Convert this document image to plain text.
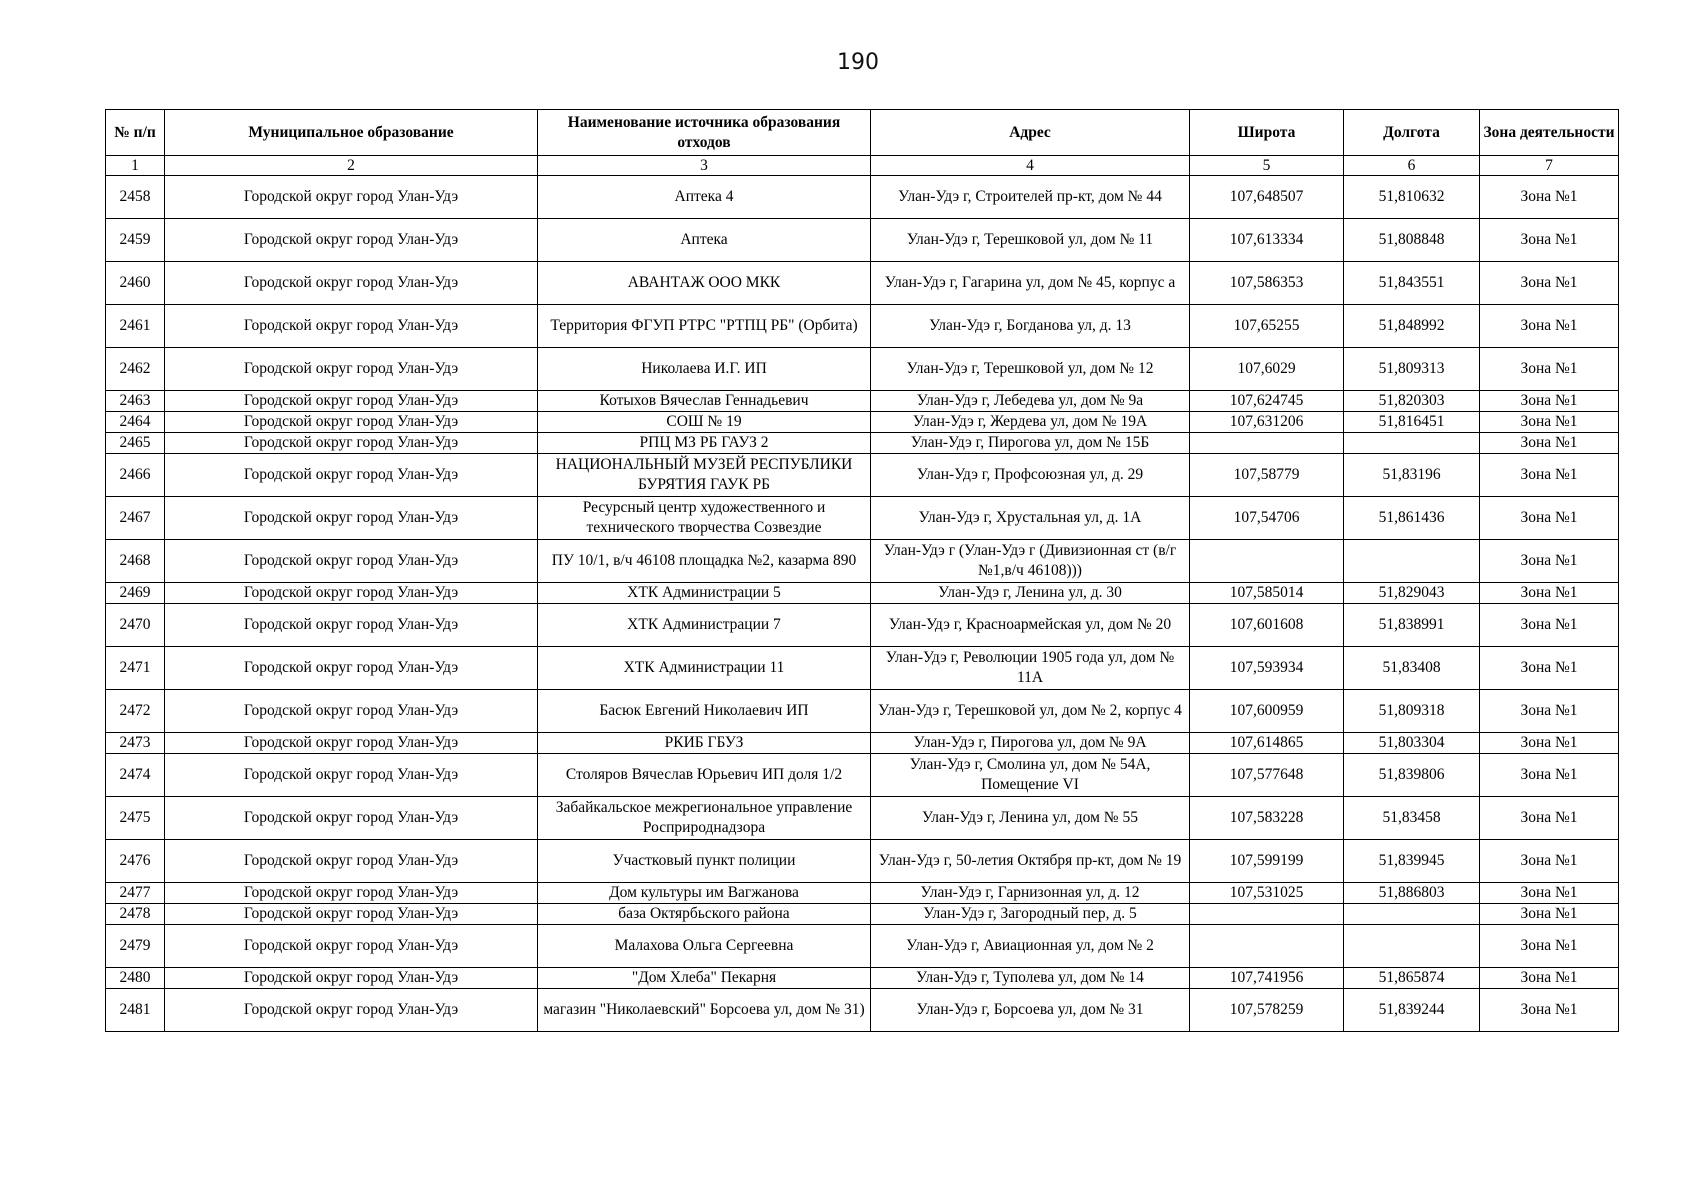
190
№ п/п	Муниципальное образование	Наименование источника образования отходов	Адрес	Широта	Долгота	Зона деятельности
1	2	3	4	5	6	7
2458	Городской округ город Улан-Удэ	Аптека 4	Улан-Удэ г, Строителей пр-кт, дом № 44	107,648507	51,810632	Зона №1
2459	Городской округ город Улан-Удэ	Аптека	Улан-Удэ г, Терешковой ул, дом № 11	107,613334	51,808848	Зона №1
2460	Городской округ город Улан-Удэ	АВАНТАЖ ООО МКК	Улан-Удэ г, Гагарина ул, дом № 45, корпус а	107,586353	51,843551	Зона №1
2461	Городской округ город Улан-Удэ	Территория ФГУП РТРС "РТПЦ РБ" (Орбита)	Улан-Удэ г, Богданова ул, д. 13	107,65255	51,848992	Зона №1
2462	Городской округ город Улан-Удэ	Николаева И.Г. ИП	Улан-Удэ г, Терешковой ул, дом № 12	107,6029	51,809313	Зона №1
2463	Городской округ город Улан-Удэ	Котыхов Вячеслав Геннадьевич	Улан-Удэ г, Лебедева ул, дом № 9а	107,624745	51,820303	Зона №1
2464	Городской округ город Улан-Удэ	СОШ № 19	Улан-Удэ г, Жердева ул, дом № 19А	107,631206	51,816451	Зона №1
2465	Городской округ город Улан-Удэ	РПЦ МЗ РБ ГАУЗ 2	Улан-Удэ г, Пирогова ул, дом № 15Б			Зона №1
2466	Городской округ город Улан-Удэ	НАЦИОНАЛЬНЫЙ МУЗЕЙ РЕСПУБЛИКИ БУРЯТИЯ ГАУК РБ	Улан-Удэ г, Профсоюзная ул, д. 29	107,58779	51,83196	Зона №1
2467	Городской округ город Улан-Удэ	Ресурсный центр художественного и технического творчества Созвездие	Улан-Удэ г, Хрустальная ул, д. 1А	107,54706	51,861436	Зона №1
2468	Городской округ город Улан-Удэ	ПУ 10/1, в/ч 46108 площадка №2, казарма 890	Улан-Удэ г (Улан-Удэ г (Дивизионная ст (в/г №1,в/ч 46108)))			Зона №1
2469	Городской округ город Улан-Удэ	ХТК Администрации 5	Улан-Удэ г, Ленина ул, д. 30	107,585014	51,829043	Зона №1
2470	Городской округ город Улан-Удэ	ХТК Администрации 7	Улан-Удэ г, Красноармейская ул, дом № 20	107,601608	51,838991	Зона №1
2471	Городской округ город Улан-Удэ	ХТК Администрации 11	Улан-Удэ г, Революции 1905 года ул, дом № 11А	107,593934	51,83408	Зона №1
2472	Городской округ город Улан-Удэ	Басюк Евгений Николаевич ИП	Улан-Удэ г, Терешковой ул, дом № 2, корпус 4	107,600959	51,809318	Зона №1
2473	Городской округ город Улан-Удэ	РКИБ ГБУЗ	Улан-Удэ г, Пирогова ул, дом № 9А	107,614865	51,803304	Зона №1
2474	Городской округ город Улан-Удэ	Столяров Вячеслав Юрьевич ИП доля 1/2	Улан-Удэ г, Смолина ул, дом № 54А, Помещение VI	107,577648	51,839806	Зона №1
2475	Городской округ город Улан-Удэ	Забайкальское межрегиональное управление Росприроднадзора	Улан-Удэ г, Ленина ул, дом № 55	107,583228	51,83458	Зона №1
2476	Городской округ город Улан-Удэ	Участковый пункт полиции	Улан-Удэ г, 50-летия Октября пр-кт, дом № 19	107,599199	51,839945	Зона №1
2477	Городской округ город Улан-Удэ	Дом культуры им Вагжанова	Улан-Удэ г, Гарнизонная ул, д. 12	107,531025	51,886803	Зона №1
2478	Городской округ город Улан-Удэ	база Октярбьского района	Улан-Удэ г, Загородный пер, д. 5			Зона №1
2479	Городской округ город Улан-Удэ	Малахова Ольга Сергеевна	Улан-Удэ г, Авиационная ул, дом № 2			Зона №1
2480	Городской округ город Улан-Удэ	"Дом Хлеба" Пекарня	Улан-Удэ г, Туполева ул, дом № 14	107,741956	51,865874	Зона №1
2481	Городской округ город Улан-Удэ	магазин "Николаевский" Борсоева ул, дом № 31)	Улан-Удэ г, Борсоева ул, дом № 31	107,578259	51,839244	Зона №1
